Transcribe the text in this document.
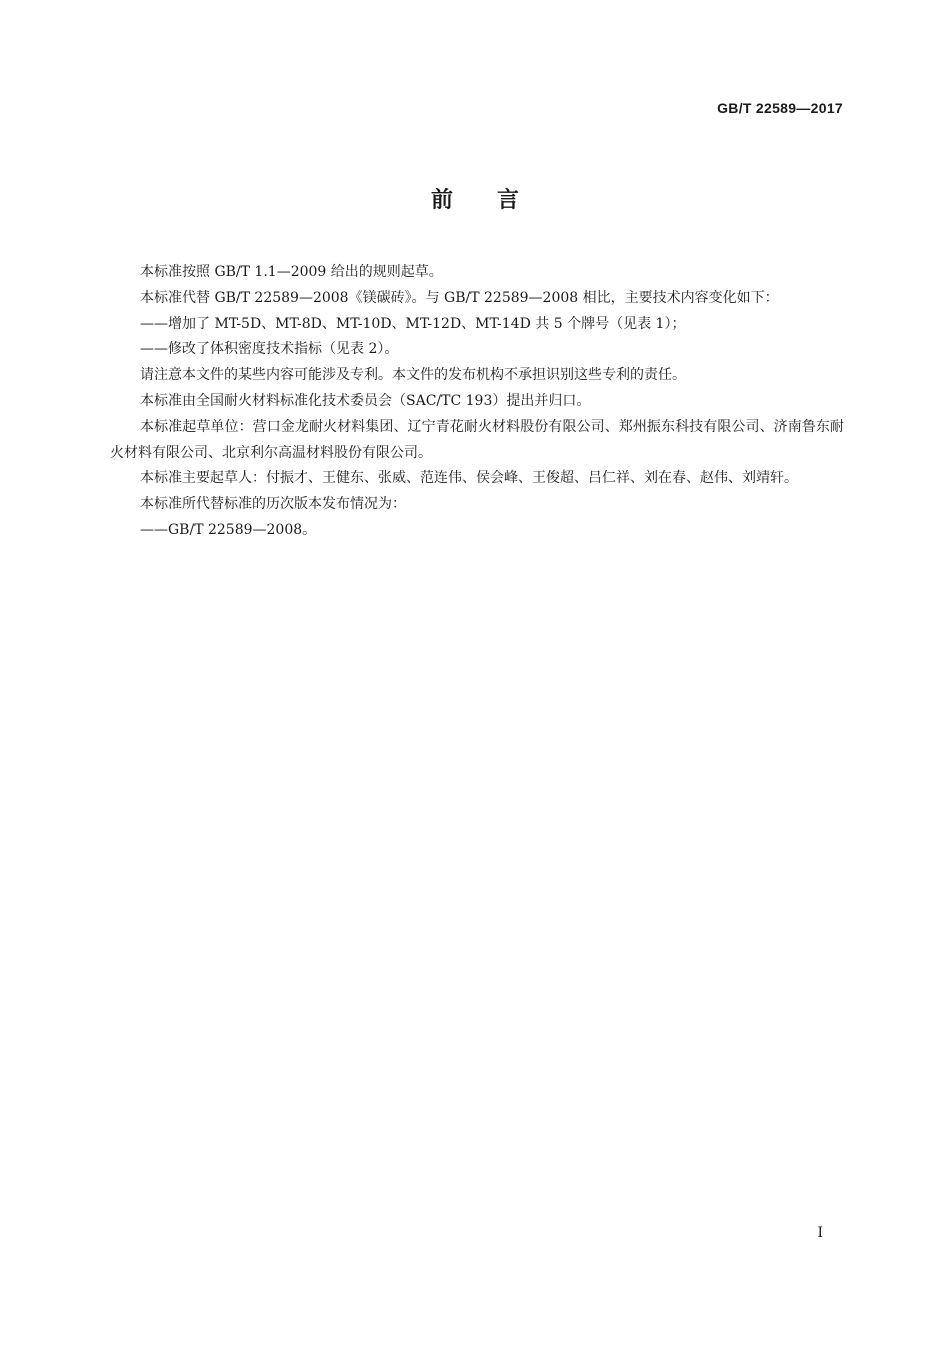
GB/T 22589—2017
前言

本标准按照 GB/T 1.1—2009 给出的规则起草。

本标准代替 GB/T 22589—2008《镁碳砖》。与 GB/T 22589—2008 相比，主要技术内容变化如下：

——增加了 MT-5D、MT-8D、MT-10D、MT-12D、MT-14D 共 5 个牌号（见表 1）；

——修改了体积密度技术指标（见表 2）。

请注意本文件的某些内容可能涉及专利。本文件的发布机构不承担识别这些专利的责任。

本标准由全国耐火材料标准化技术委员会（SAC/TC 193）提出并归口。

本标准起草单位：营口金龙耐火材料集团、辽宁青花耐火材料股份有限公司、郑州振东科技有限公司、济南鲁东耐火材料有限公司、北京利尔高温材料股份有限公司。

本标准主要起草人：付振才、王健东、张威、范连伟、侯会峰、王俊超、吕仁祥、刘在春、赵伟、刘靖轩。

本标准所代替标准的历次版本发布情况为：

——GB/T 22589—2008。

I
